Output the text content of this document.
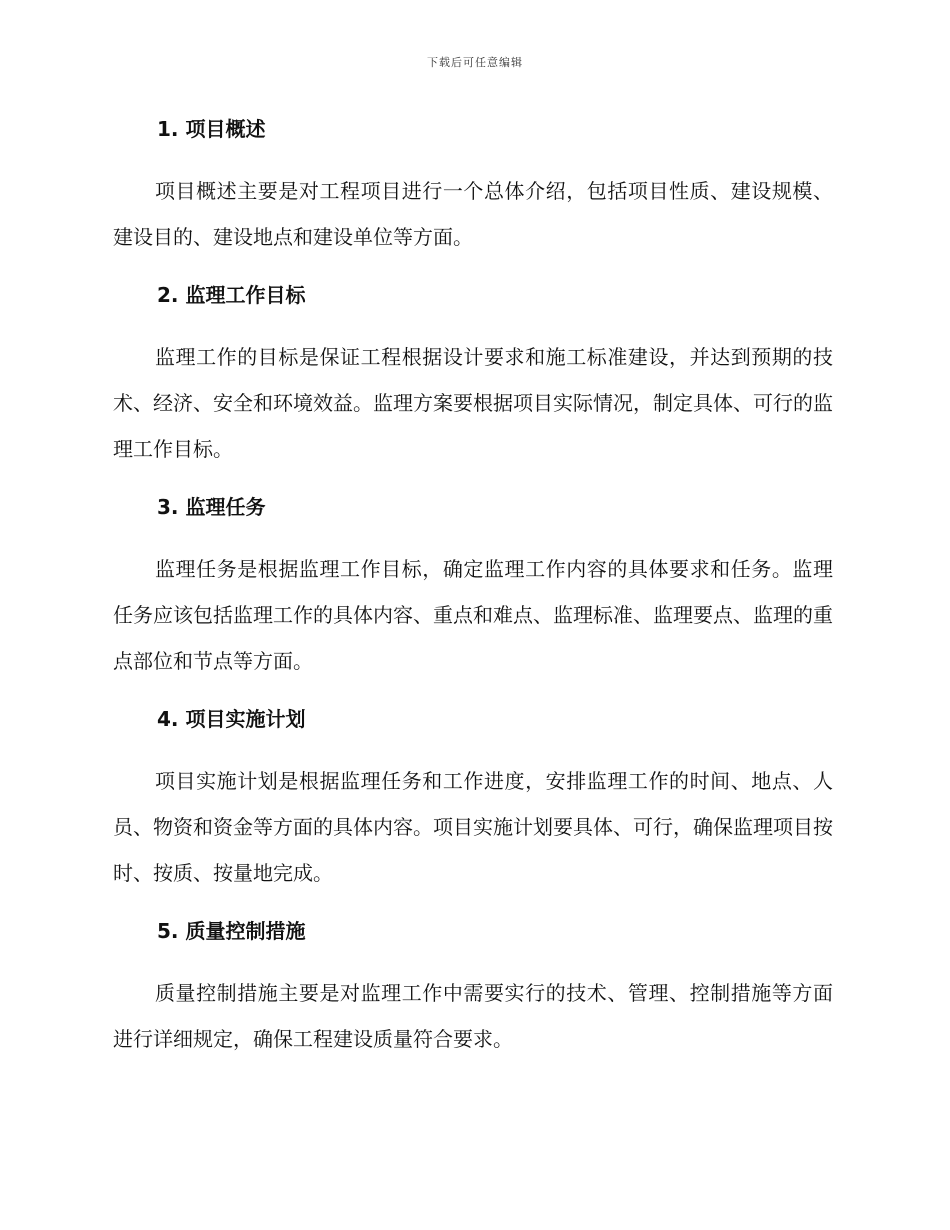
下载后可任意编辑
1. 项目概述

项目概述主要是对工程项目进行一个总体介绍，包括项目性质、建设规模、建设目的、建设地点和建设单位等方面。

2. 监理工作目标

监理工作的目标是保证工程根据设计要求和施工标准建设，并达到预期的技术、经济、安全和环境效益。监理方案要根据项目实际情况，制定具体、可行的监理工作目标。

3. 监理任务

监理任务是根据监理工作目标，确定监理工作内容的具体要求和任务。监理任务应该包括监理工作的具体内容、重点和难点、监理标准、监理要点、监理的重点部位和节点等方面。

4. 项目实施计划

项目实施计划是根据监理任务和工作进度，安排监理工作的时间、地点、人员、物资和资金等方面的具体内容。项目实施计划要具体、可行，确保监理项目按时、按质、按量地完成。

5. 质量控制措施

质量控制措施主要是对监理工作中需要实行的技术、管理、控制措施等方面进行详细规定，确保工程建设质量符合要求。
